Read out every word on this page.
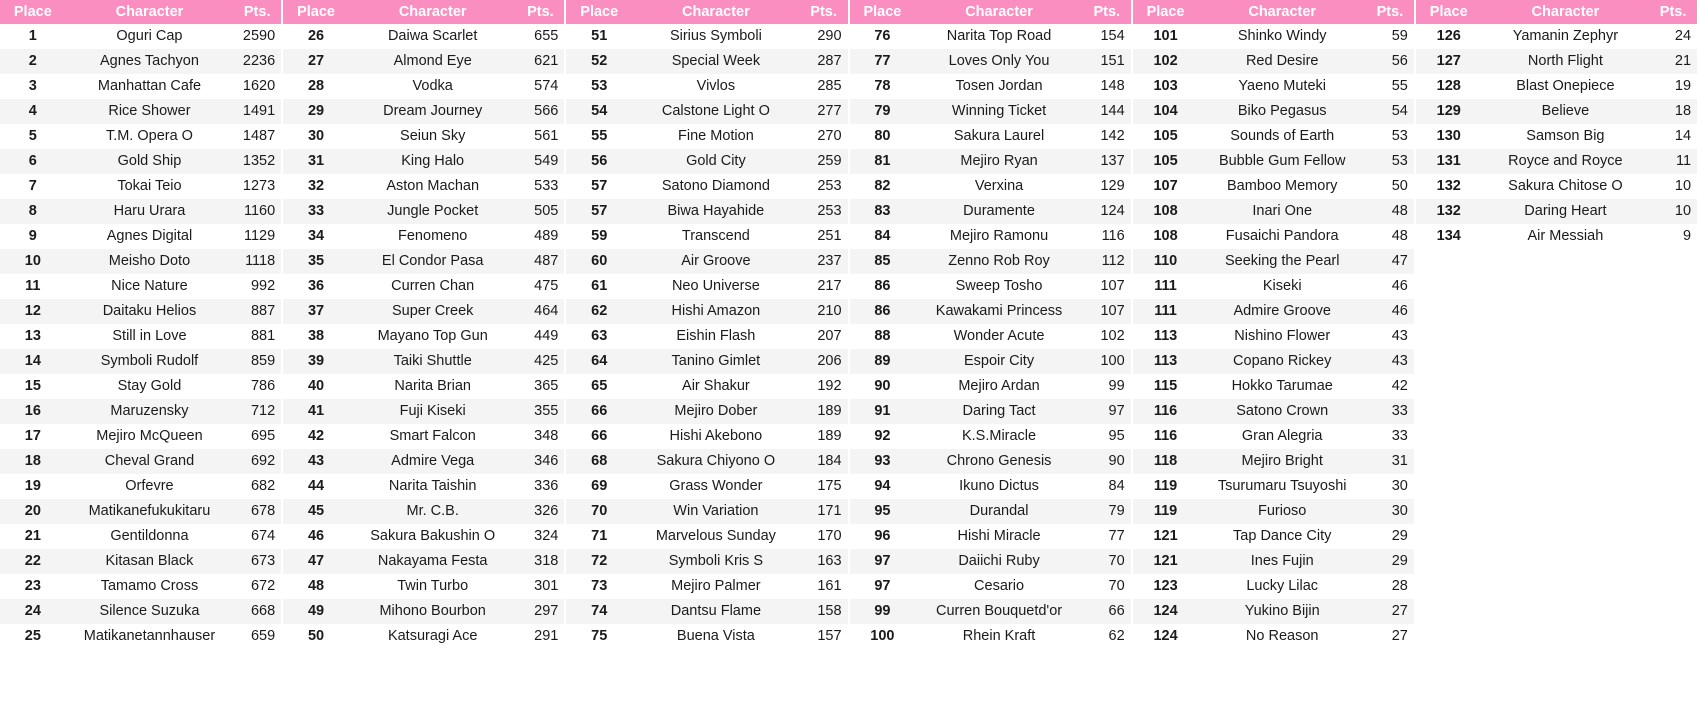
Place	Character	Pts.
1	Oguri Cap	2590
2	Agnes Tachyon	2236
3	Manhattan Cafe	1620
4	Rice Shower	1491
5	T.M. Opera O	1487
6	Gold Ship	1352
7	Tokai Teio	1273
8	Haru Urara	1160
9	Agnes Digital	1129
10	Meisho Doto	1118
11	Nice Nature	992
12	Daitaku Helios	887
13	Still in Love	881
14	Symboli Rudolf	859
15	Stay Gold	786
16	Maruzensky	712
17	Mejiro McQueen	695
18	Cheval Grand	692
19	Orfevre	682
20	Matikanefukukitaru	678
21	Gentildonna	674
22	Kitasan Black	673
23	Tamamo Cross	672
24	Silence Suzuka	668
25	Matikanetannhauser	659
Place	Character	Pts.
26	Daiwa Scarlet	655
27	Almond Eye	621
28	Vodka	574
29	Dream Journey	566
30	Seiun Sky	561
31	King Halo	549
32	Aston Machan	533
33	Jungle Pocket	505
34	Fenomeno	489
35	El Condor Pasa	487
36	Curren Chan	475
37	Super Creek	464
38	Mayano Top Gun	449
39	Taiki Shuttle	425
40	Narita Brian	365
41	Fuji Kiseki	355
42	Smart Falcon	348
43	Admire Vega	346
44	Narita Taishin	336
45	Mr. C.B.	326
46	Sakura Bakushin O	324
47	Nakayama Festa	318
48	Twin Turbo	301
49	Mihono Bourbon	297
50	Katsuragi Ace	291
Place	Character	Pts.
51	Sirius Symboli	290
52	Special Week	287
53	Vivlos	285
54	Calstone Light O	277
55	Fine Motion	270
56	Gold City	259
57	Satono Diamond	253
57	Biwa Hayahide	253
59	Transcend	251
60	Air Groove	237
61	Neo Universe	217
62	Hishi Amazon	210
63	Eishin Flash	207
64	Tanino Gimlet	206
65	Air Shakur	192
66	Mejiro Dober	189
66	Hishi Akebono	189
68	Sakura Chiyono O	184
69	Grass Wonder	175
70	Win Variation	171
71	Marvelous Sunday	170
72	Symboli Kris S	163
73	Mejiro Palmer	161
74	Dantsu Flame	158
75	Buena Vista	157
Place	Character	Pts.
76	Narita Top Road	154
77	Loves Only You	151
78	Tosen Jordan	148
79	Winning Ticket	144
80	Sakura Laurel	142
81	Mejiro Ryan	137
82	Verxina	129
83	Duramente	124
84	Mejiro Ramonu	116
85	Zenno Rob Roy	112
86	Sweep Tosho	107
86	Kawakami Princess	107
88	Wonder Acute	102
89	Espoir City	100
90	Mejiro Ardan	99
91	Daring Tact	97
92	K.S.Miracle	95
93	Chrono Genesis	90
94	Ikuno Dictus	84
95	Durandal	79
96	Hishi Miracle	77
97	Daiichi Ruby	70
97	Cesario	70
99	Curren Bouquetd'or	66
100	Rhein Kraft	62
Place	Character	Pts.
101	Shinko Windy	59
102	Red Desire	56
103	Yaeno Muteki	55
104	Biko Pegasus	54
105	Sounds of Earth	53
105	Bubble Gum Fellow	53
107	Bamboo Memory	50
108	Inari One	48
108	Fusaichi Pandora	48
110	Seeking the Pearl	47
111	Kiseki	46
111	Admire Groove	46
113	Nishino Flower	43
113	Copano Rickey	43
115	Hokko Tarumae	42
116	Satono Crown	33
116	Gran Alegria	33
118	Mejiro Bright	31
119	Tsurumaru Tsuyoshi	30
119	Furioso	30
121	Tap Dance City	29
121	Ines Fujin	29
123	Lucky Lilac	28
124	Yukino Bijin	27
124	No Reason	27
Place	Character	Pts.
126	Yamanin Zephyr	24
127	North Flight	21
128	Blast Onepiece	19
129	Believe	18
130	Samson Big	14
131	Royce and Royce	11
132	Sakura Chitose O	10
132	Daring Heart	10
134	Air Messiah	9
